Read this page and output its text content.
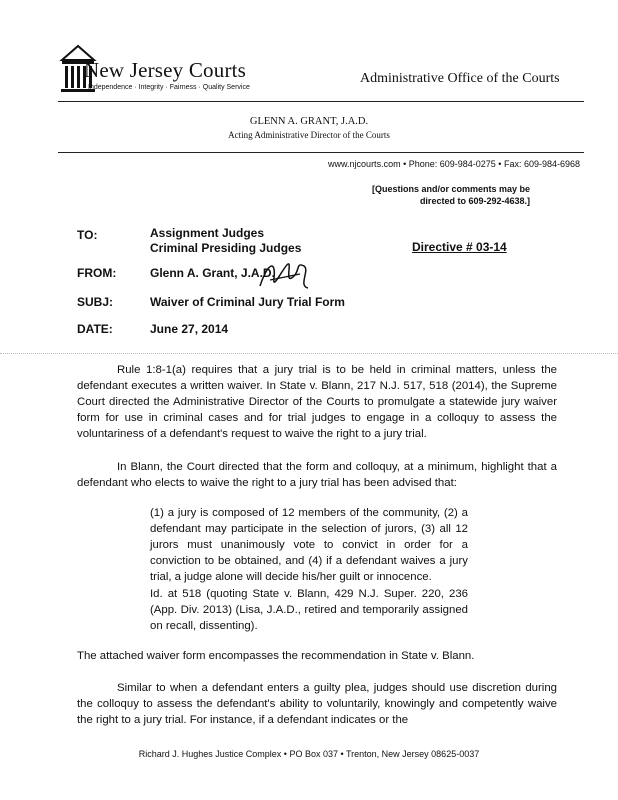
New Jersey Courts
Independence · Integrity · Fairness · Quality Service
Administrative Office of the Courts
GLENN A. GRANT, J.A.D.
Acting Administrative Director of the Courts
www.njcourts.com • Phone: 609-984-0275 • Fax: 609-984-6968
[Questions and/or comments may be
directed to 609-292-4638.]
TO:	Assignment Judges
Criminal Presiding Judges	Directive # 03-14
FROM:	Glenn A. Grant, J.A.D.
SUBJ:	Waiver of Criminal Jury Trial Form
DATE:	June 27, 2014
Rule 1:8-1(a) requires that a jury trial is to be held in criminal matters, unless the defendant executes a written waiver. In State v. Blann, 217 N.J. 517, 518 (2014), the Supreme Court directed the Administrative Director of the Courts to promulgate a statewide jury waiver form for use in criminal cases and for trial judges to engage in a colloquy to assess the voluntariness of a defendant's request to waive the right to a jury trial.
In Blann, the Court directed that the form and colloquy, at a minimum, highlight that a defendant who elects to waive the right to a jury trial has been advised that:
(1) a jury is composed of 12 members of the community, (2) a defendant may participate in the selection of jurors, (3) all 12 jurors must unanimously vote to convict in order for a conviction to be obtained, and (4) if a defendant waives a jury trial, a judge alone will decide his/her guilt or innocence.
Id. at 518 (quoting State v. Blann, 429 N.J. Super. 220, 236 (App. Div. 2013) (Lisa, J.A.D., retired and temporarily assigned on recall, dissenting).
The attached waiver form encompasses the recommendation in State v. Blann.
Similar to when a defendant enters a guilty plea, judges should use discretion during the colloquy to assess the defendant's ability to voluntarily, knowingly and competently waive the right to a jury trial. For instance, if a defendant indicates or the
Richard J. Hughes Justice Complex • PO Box 037 • Trenton, New Jersey 08625-0037
